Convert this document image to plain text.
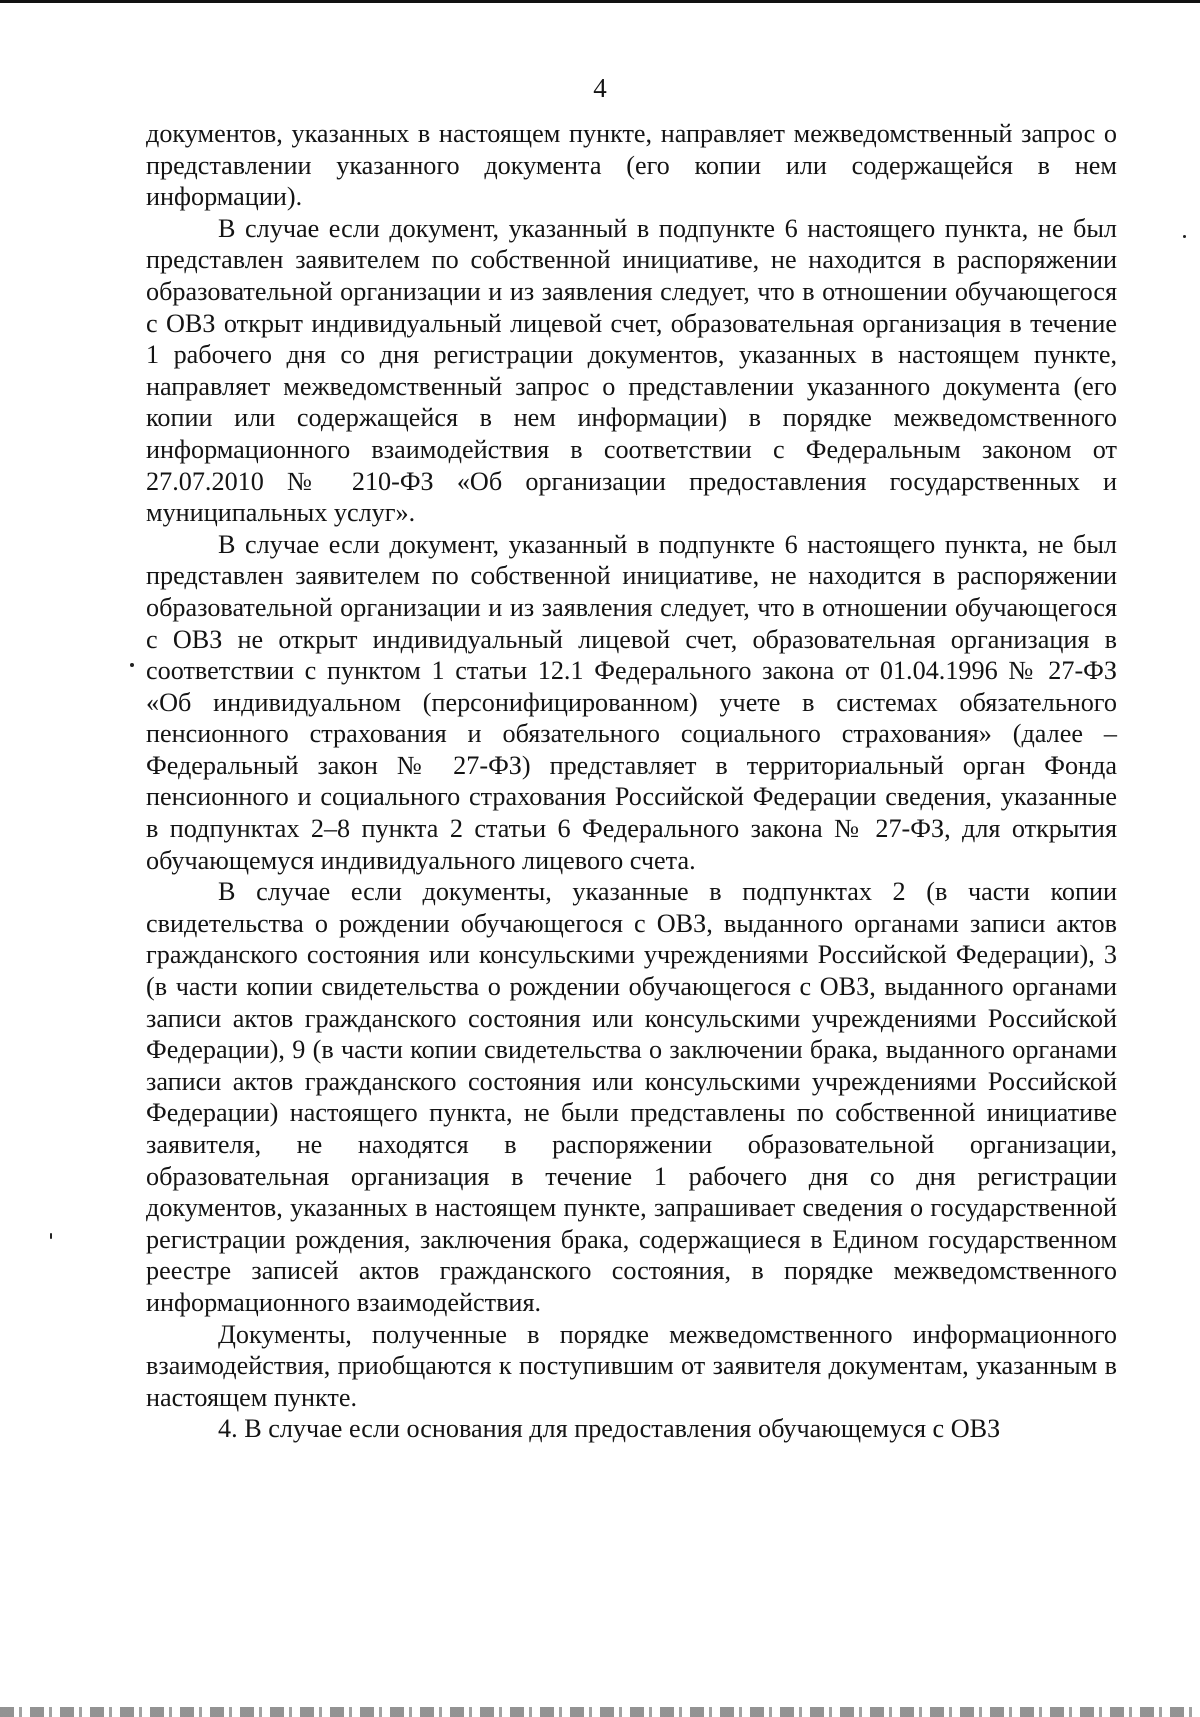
4

документов, указанных в настоящем пункте, направляет межведомственный запрос о представлении указанного документа (его копии или содержащейся в нем информации).

В случае если документ, указанный в подпункте 6 настоящего пункта, не был представлен заявителем по собственной инициативе, не находится в распоряжении образовательной организации и из заявления следует, что в отношении обучающегося с ОВЗ открыт индивидуальный лицевой счет, образовательная организация в течение 1 рабочего дня со дня регистрации документов, указанных в настоящем пункте, направляет межведомственный запрос о представлении указанного документа (его копии или содержащейся в нем информации) в порядке межведомственного информационного взаимодействия в соответствии с Федеральным законом от 27.07.2010 № 210-ФЗ «Об организации предоставления государственных и муниципальных услуг».

В случае если документ, указанный в подпункте 6 настоящего пункта, не был представлен заявителем по собственной инициативе, не находится в распоряжении образовательной организации и из заявления следует, что в отношении обучающегося с ОВЗ не открыт индивидуальный лицевой счет, образовательная организация в соответствии с пунктом 1 статьи 12.1 Федерального закона от 01.04.1996 № 27-ФЗ «Об индивидуальном (персонифицированном) учете в системах обязательного пенсионного страхования и обязательного социального страхования» (далее – Федеральный закон № 27-ФЗ) представляет в территориальный орган Фонда пенсионного и социального страхования Российской Федерации сведения, указанные в подпунктах 2–8 пункта 2 статьи 6 Федерального закона № 27-ФЗ, для открытия обучающемуся индивидуального лицевого счета.

В случае если документы, указанные в подпунктах 2 (в части копии свидетельства о рождении обучающегося с ОВЗ, выданного органами записи актов гражданского состояния или консульскими учреждениями Российской Федерации), 3 (в части копии свидетельства о рождении обучающегося с ОВЗ, выданного органами записи актов гражданского состояния или консульскими учреждениями Российской Федерации), 9 (в части копии свидетельства о заключении брака, выданного органами записи актов гражданского состояния или консульскими учреждениями Российской Федерации) настоящего пункта, не были представлены по собственной инициативе заявителя, не находятся в распоряжении образовательной организации, образовательная организация в течение 1 рабочего дня со дня регистрации документов, указанных в настоящем пункте, запрашивает сведения о государственной регистрации рождения, заключения брака, содержащиеся в Едином государственном реестре записей актов гражданского состояния, в порядке межведомственного информационного взаимодействия.

Документы, полученные в порядке межведомственного информационного взаимодействия, приобщаются к поступившим от заявителя документам, указанным в настоящем пункте.

4. В случае если основания для предоставления обучающемуся с ОВЗ
